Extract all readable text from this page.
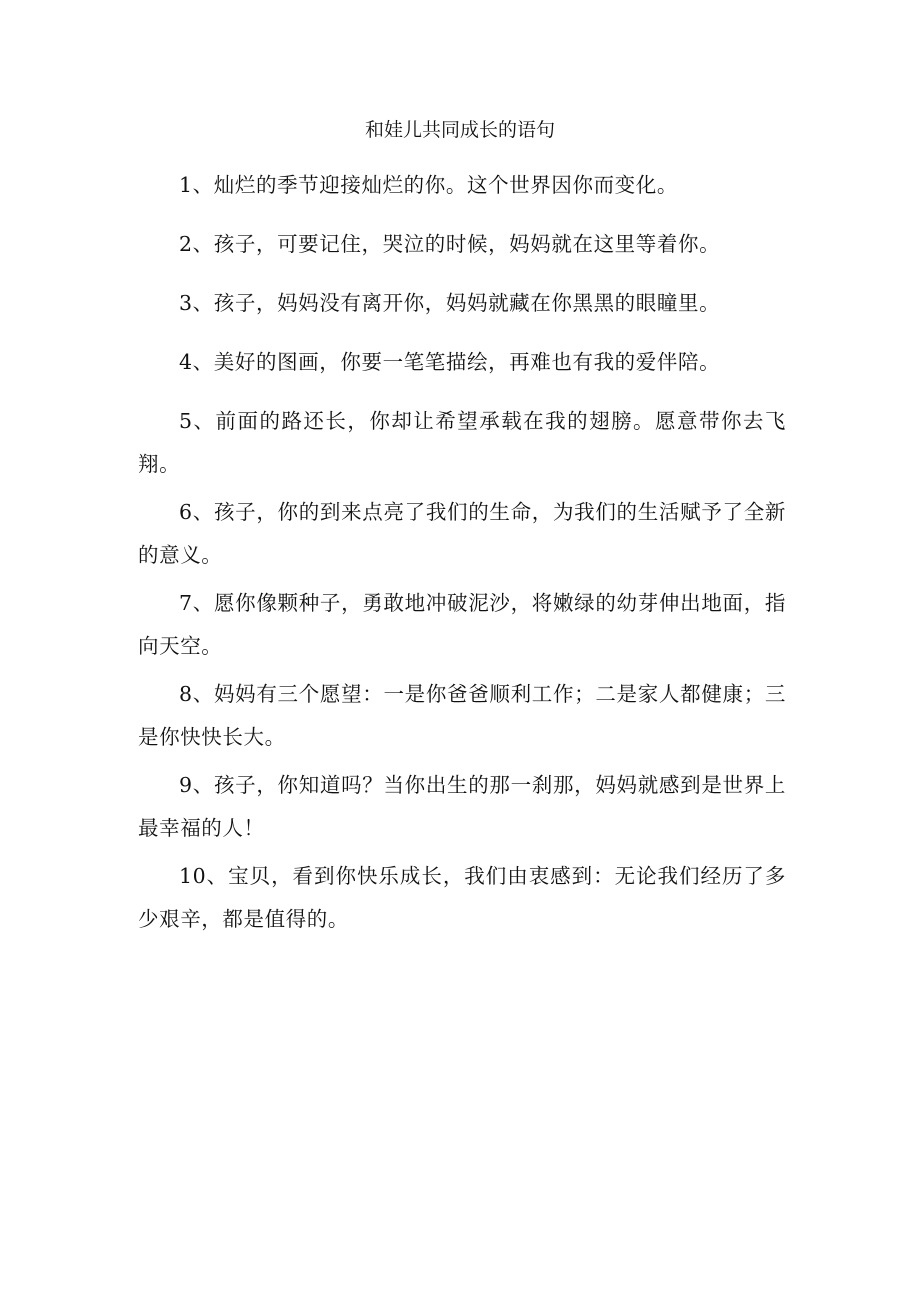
和娃儿共同成长的语句

1、灿烂的季节迎接灿烂的你。这个世界因你而变化。

2、孩子，可要记住，哭泣的时候，妈妈就在这里等着你。

3、孩子，妈妈没有离开你，妈妈就藏在你黑黑的眼瞳里。

4、美好的图画，你要一笔笔描绘，再难也有我的爱伴陪。

5、前面的路还长，你却让希望承载在我的翅膀。愿意带你去飞翔。

6、孩子，你的到来点亮了我们的生命，为我们的生活赋予了全新的意义。

7、愿你像颗种子，勇敢地冲破泥沙，将嫩绿的幼芽伸出地面，指向天空。

8、妈妈有三个愿望：一是你爸爸顺利工作；二是家人都健康；三是你快快长大。

9、孩子，你知道吗？当你出生的那一刹那，妈妈就感到是世界上最幸福的人！

10、宝贝，看到你快乐成长，我们由衷感到：无论我们经历了多少艰辛，都是值得的。
